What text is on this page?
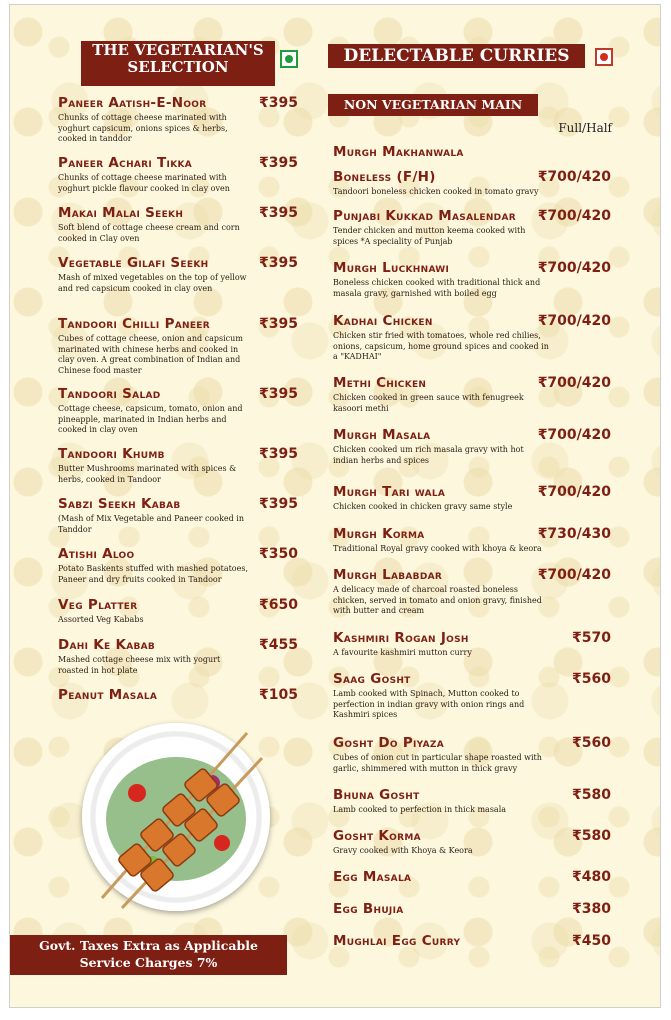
THE VEGETARIAN'S
SELECTION
DELECTABLE CURRIES
NON VEGETARIAN MAIN
Full/Half
Paneer Aatish-E-Noor	₹395
Chunks of cottage cheese marinated with yoghurt capsicum, onions spices & herbs, cooked in tanddor
Paneer Achari Tikka	₹395
Chunks of cottage cheese marinated with yoghurt pickle flavour cooked in clay oven
Makai Malai Seekh	₹395
Soft blend of cottage cheese cream and corn cooked in Clay oven
Vegetable Gilafi Seekh	₹395
Mash of mixed vegetables on the top of yellow and red capsicum cooked in clay oven
Tandoori Chilli Paneer	₹395
Cubes of cottage cheese, onion and capsicum marinated with chinese herbs and cooked in clay oven. A great combination of Indian and Chinese food master
Tandoori Salad	₹395
Cottage cheese, capsicum, tomato, onion and pineapple, marinated in Indian herbs and cooked in clay oven
Tandoori Khumb	₹395
Butter Mushrooms marinated with spices & herbs, cooked in Tandoor
Sabzi Seekh Kabab	₹395
(Mash of Mix Vegetable and Paneer cooked in Tanddor
Atishi Aloo	₹350
Potato Baskents stuffed with mashed potatoes, Paneer and dry fruits cooked in Tandoor
Veg Platter	₹650
Assorted Veg Kababs
Dahi Ke Kabab	₹455
Mashed cottage cheese mix with yogurt roasted in hot plate
Peanut Masala	₹105
Murgh Makhanwala
Boneless (F/H)	₹700/420
Tandoori boneless chicken cooked in tomato gravy
Punjabi Kukkad Masalendar	₹700/420
Tender chicken and mutton keema cooked with spices *A speciality of Punjab
Murgh Luckhnawi	₹700/420
Boneless chicken cooked with traditional thick and masala gravy, garnished with boiled egg
Kadhai Chicken	₹700/420
Chicken stir fried with tomatoes, whole red chilies, onions, capsicum, home ground spices and cooked in a "KADHAI"
Methi Chicken	₹700/420
Chicken cooked in green sauce with fenugreek kasoori methi
Murgh Masala	₹700/420
Chicken cooked um rich masala gravy with hot indian herbs and spices
Murgh Tari wala	₹700/420
Chicken cooked in chicken gravy same style
Murgh Korma	₹730/430
Traditional Royal gravy cooked with khoya & keora
Murgh Lababdar	₹700/420
A delicacy made of charcoal roasted boneless chicken, served in tomato and onion gravy, finished with butter and cream
Kashmiri Rogan Josh	₹570
A favourite kashmiri mutton curry
Saag Gosht	₹560
Lamb cooked with Spinach, Mutton cooked to perfection in indian gravy with onion rings and Kashmiri spices
Gosht Do Piyaza	₹560
Cubes of onion cut in particular shape roasted with garlic, shimmered with mutton in thick gravy
Bhuna Gosht	₹580
Lamb cooked to perfection in thick masala
Gosht Korma	₹580
Gravy cooked with Khoya & Keora
Egg Masala	₹480
Egg Bhujia	₹380
Mughlai Egg Curry	₹450
Govt. Taxes Extra as Applicable
Service Charges 7%
